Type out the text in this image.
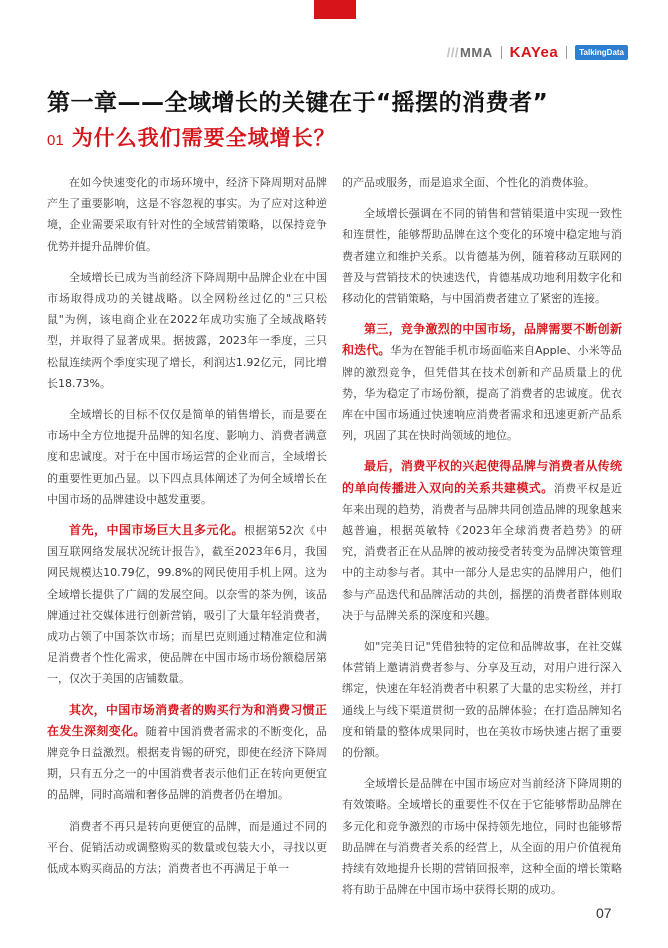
///MMA KAYea	TalkingData
第一章——全域增长的关键在于“摇摆的消费者”
01 为什么我们需要全域增长？

在如今快速变化的市场环境中，经济下降周期对品牌产生了重要影响，这是不容忽视的事实。为了应对这种逆境，企业需要采取有针对性的全域营销策略，以保持竞争优势并提升品牌价值。

全域增长已成为当前经济下降周期中品牌企业在中国市场取得成功的关键战略。以全网粉丝过亿的"三只松鼠"为例，该电商企业在2022年成功实施了全域战略转型，并取得了显著成果。据披露，2023年一季度，三只松鼠连续两个季度实现了增长，利润达1.92亿元，同比增长18.73%。

全域增长的目标不仅仅是简单的销售增长，而是要在市场中全方位地提升品牌的知名度、影响力、消费者满意度和忠诚度。对于在中国市场运营的企业而言，全域增长的重要性更加凸显。以下四点具体阐述了为何全域增长在中国市场的品牌建设中越发重要。

首先，中国市场巨大且多元化。根据第52次《中国互联网络发展状况统计报告》，截至2023年6月，我国网民规模达10.79亿，99.8%的网民使用手机上网。这为全域增长提供了广阔的发展空间。以奈雪的茶为例，该品牌通过社交媒体进行创新营销，吸引了大量年轻消费者，成功占领了中国茶饮市场；而星巴克则通过精准定位和满足消费者个性化需求，使品牌在中国市场市场份额稳居第一，仅次于美国的店铺数量。

其次，中国市场消费者的购买行为和消费习惯正在发生深刻变化。随着中国消费者需求的不断变化，品牌竞争日益激烈。根据麦肯锡的研究，即使在经济下降周期，只有五分之一的中国消费者表示他们正在转向更便宜的品牌，同时高端和奢侈品牌的消费者仍在增加。

消费者不再只是转向更便宜的品牌，而是通过不同的平台、促销活动或调整购买的数量或包装大小，寻找以更低成本购买商品的方法；消费者也不再满足于单一

的产品或服务，而是追求全面、个性化的消费体验。

全域增长强调在不同的销售和营销渠道中实现一致性和连贯性，能够帮助品牌在这个变化的环境中稳定地与消费者建立和维护关系。以肯德基为例，随着移动互联网的普及与营销技术的快速迭代，肯德基成功地利用数字化和移动化的营销策略，与中国消费者建立了紧密的连接。

第三，竞争激烈的中国市场，品牌需要不断创新和迭代。华为在智能手机市场面临来自Apple、小米等品牌的激烈竞争，但凭借其在技术创新和产品质量上的优势，华为稳定了市场份额，提高了消费者的忠诚度。优衣库在中国市场通过快速响应消费者需求和迅速更新产品系列，巩固了其在快时尚领域的地位。

最后，消费平权的兴起使得品牌与消费者从传统的单向传播进入双向的关系共建模式。消费平权是近年来出现的趋势，消费者与品牌共同创造品牌的现象越来越普遍，根据英敏特《2023年全球消费者趋势》的研究，消费者正在从品牌的被动接受者转变为品牌决策管理中的主动参与者。其中一部分人是忠实的品牌用户，他们参与产品迭代和品牌活动的共创，摇摆的消费者群体则取决于与品牌关系的深度和兴趣。

如"完美日记"凭借独特的定位和品牌故事，在社交媒体营销上邀请消费者参与、分享及互动，对用户进行深入绑定，快速在年轻消费者中积累了大量的忠实粉丝，并打通线上与线下渠道贯彻一致的品牌体验；在打造品牌知名度和销量的整体成果同时，也在美妆市场快速占据了重要的份额。

全域增长是品牌在中国市场应对当前经济下降周期的有效策略。全域增长的重要性不仅在于它能够帮助品牌在多元化和竞争激烈的市场中保持领先地位，同时也能够帮助品牌在与消费者关系的经营上，从全面的用户价值视角持续有效地提升长期的营销回报率，这种全面的增长策略将有助于品牌在中国市场中获得长期的成功。

07
